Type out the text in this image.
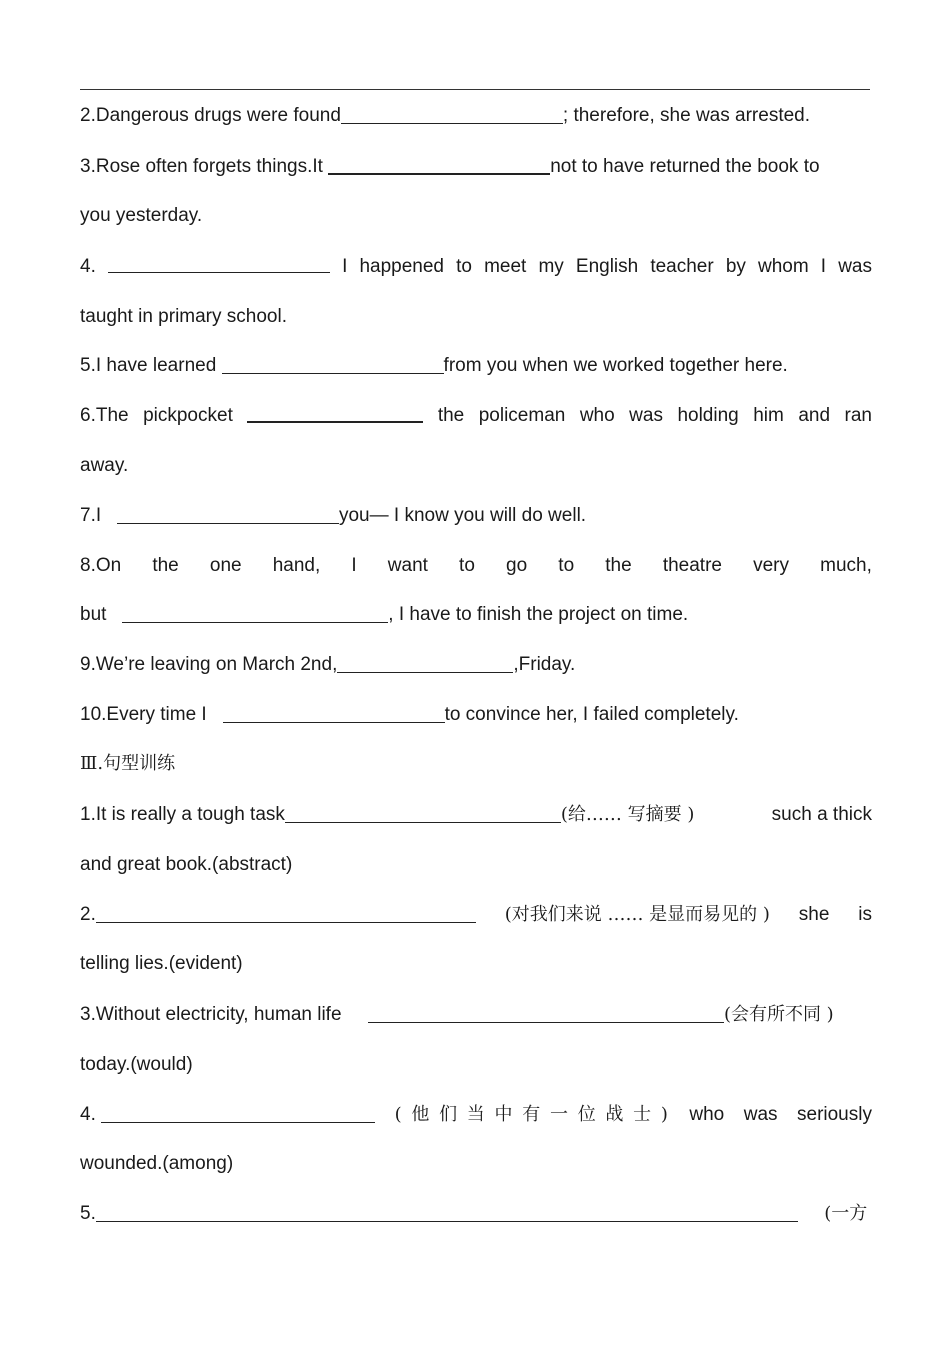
2.Dangerous drugs were found	; therefore, she was arrested.
3.Rose often forgets things.It	not to have returned the book to
you yesterday.
4.	I happened to meet my English teacher by whom I was
taught in primary school.
5.I have learned	from you when we worked together here.
6.The pickpocket	the policeman who was holding him and ran
away.
7.I	you— I know you will do well.
8.On the one hand, I want to go to the theatre very much,
but	, I have to finish the project on time.
9.We’re leaving on March 2nd,	,Friday.
10.Every time I	to convince her, I failed completely.
Ⅲ.句型训练
1.It is really a tough task	(给…… 写摘要 )	such a thick
and great book.(abstract)
2.	(对我们来说 …… 是显而易见的 ) she is
telling lies.(evident)
3.Without electricity, human life	(会有所不同 )
today.(would)
4.	( 他 们 当 中 有 一 位 战 士 ) who was seriously
wounded.(among)
5.	(一方
